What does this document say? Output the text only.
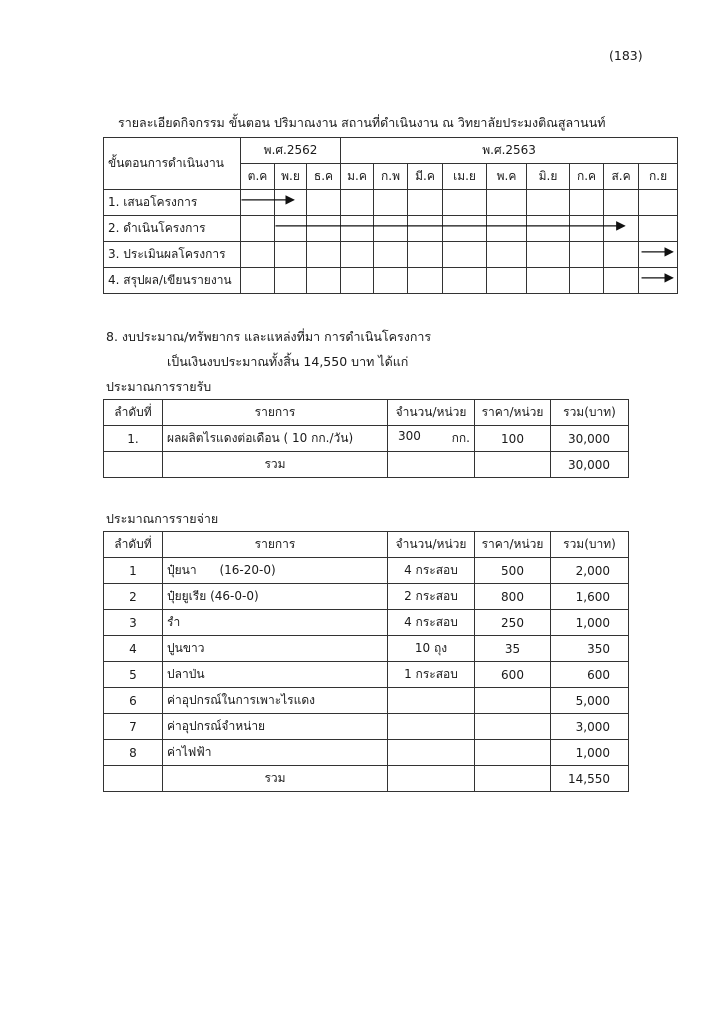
(183)
รายละเอียดกิจกรรม ขั้นตอน ปริมาณงาน สถานที่ดำเนินงาน ณ วิทยาลัยประมงติณสูลานนท์
ขั้นตอนการดำเนินงาน	พ.ศ.2562			พ.ศ.2563								
	ต.ค	พ.ย	ธ.ค	ม.ค	ก.พ	มี.ค	เม.ย	พ.ค	มิ.ย	ก.ค	ส.ค	ก.ย
1. เสนอโครงการ												
2. ดำเนินโครงการ												
3. ประเมินผลโครงการ												
4. สรุปผล/เขียนรายงาน												
8. งบประมาณ/ทรัพยากร และแหล่งที่มา การดำเนินโครงการ
เป็นเงินงบประมาณทั้งสิ้น 14,550 บาท ได้แก่
ประมาณการรายรับ
ลำดับที่	รายการ	จำนวน/หน่วย	ราคา/หน่วย	รวม(บาท)
1.	ผลผลิตไรแดงต่อเดือน ( 10 กก./วัน)	300 กก.	100	30,000
	รวม			30,000
ประมาณการรายจ่าย
ลำดับที่	รายการ	จำนวน/หน่วย	ราคา/หน่วย	รวม(บาท)
1	ปุ๋ยนา      (16-20-0)	4 กระสอบ	500	2,000
2	ปุ๋ยยูเรีย (46-0-0)	2 กระสอบ	800	1,600
3	รำ	4 กระสอบ	250	1,000
4	ปูนขาว	10 ถุง	35	350
5	ปลาป่น	1 กระสอบ	600	600
6	ค่าอุปกรณ์ในการเพาะไรแดง			5,000
7	ค่าอุปกรณ์จำหน่าย			3,000
8	ค่าไฟฟ้า			1,000
	รวม			14,550
